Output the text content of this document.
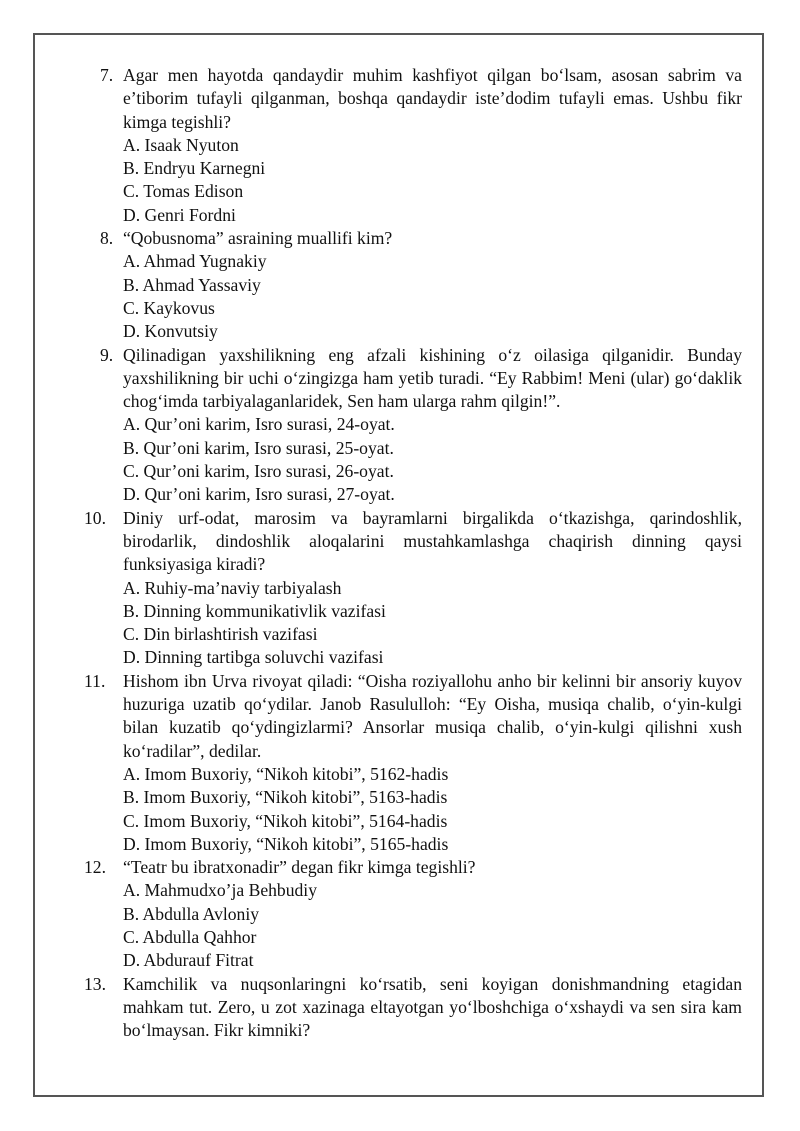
7. Agar men hayotda qandaydir muhim kashfiyot qilgan bo‘lsam, asosan sabrim va e’tiborim tufayli qilganman, boshqa qandaydir iste’dodim tufayli emas. Ushbu fikr kimga tegishli?
A. Isaak Nyuton
B. Endryu Karnegni
C. Tomas Edison
D. Genri Fordni
8. “Qobusnoma” asraining muallifi kim?
A. Ahmad Yugnakiy
B. Ahmad Yassaviy
C. Kaykovus
D. Konvutsiy
9. Qilinadigan yaxshilikning eng afzali kishining o‘z oilasiga qilganidir. Bunday yaxshilikning bir uchi o‘zingizga ham yetib turadi. “Ey Rabbim! Meni (ular) go‘daklik chog‘imda tarbiyalaganlaridek, Sen ham ularga rahm qilgin!”.
A. Qur’oni karim, Isro surasi, 24-oyat.
B. Qur’oni karim, Isro surasi, 25-oyat.
C. Qur’oni karim, Isro surasi, 26-oyat.
D. Qur’oni karim, Isro surasi, 27-oyat.
10. Diniy urf-odat, marosim va bayramlarni birgalikda o‘tkazishga, qarindoshlik, birodarlik, dindoshlik aloqalarini mustahkamlashga chaqirish dinning qaysi funksiyasiga kiradi?
A. Ruhiy-ma’naviy tarbiyalash
B. Dinning kommunikativlik vazifasi
C. Din birlashtirish vazifasi
D. Dinning tartibga soluvchi vazifasi
11. Hishom ibn Urva rivoyat qiladi: “Oisha roziyallohu anho bir kelinni bir ansoriy kuyov huzuriga uzatib qo‘ydilar. Janob Rasululloh: “Ey Oisha, musiqa chalib, o‘yin-kulgi bilan kuzatib qo‘ydingizlarmi? Ansorlar musiqa chalib, o‘yin-kulgi qilishni xush ko‘radilar”, dedilar.
A. Imom Buxoriy, “Nikoh kitobi”, 5162-hadis
B. Imom Buxoriy, “Nikoh kitobi”, 5163-hadis
C. Imom Buxoriy, “Nikoh kitobi”, 5164-hadis
D. Imom Buxoriy, “Nikoh kitobi”, 5165-hadis
12. “Teatr bu ibratxonadir” degan fikr kimga tegishli?
A. Mahmudxo’ja Behbudiy
B. Abdulla Avloniy
C. Abdulla Qahhor
D. Abdurauf Fitrat
13. Kamchilik va nuqsonlaringni ko‘rsatib, seni koyigan donishmandning etagidan mahkam tut. Zero, u zot xazinaga eltayotgan yo‘lboshchiga o‘xshaydi va sen sira kam bo‘lmaysan. Fikr kimniki?
